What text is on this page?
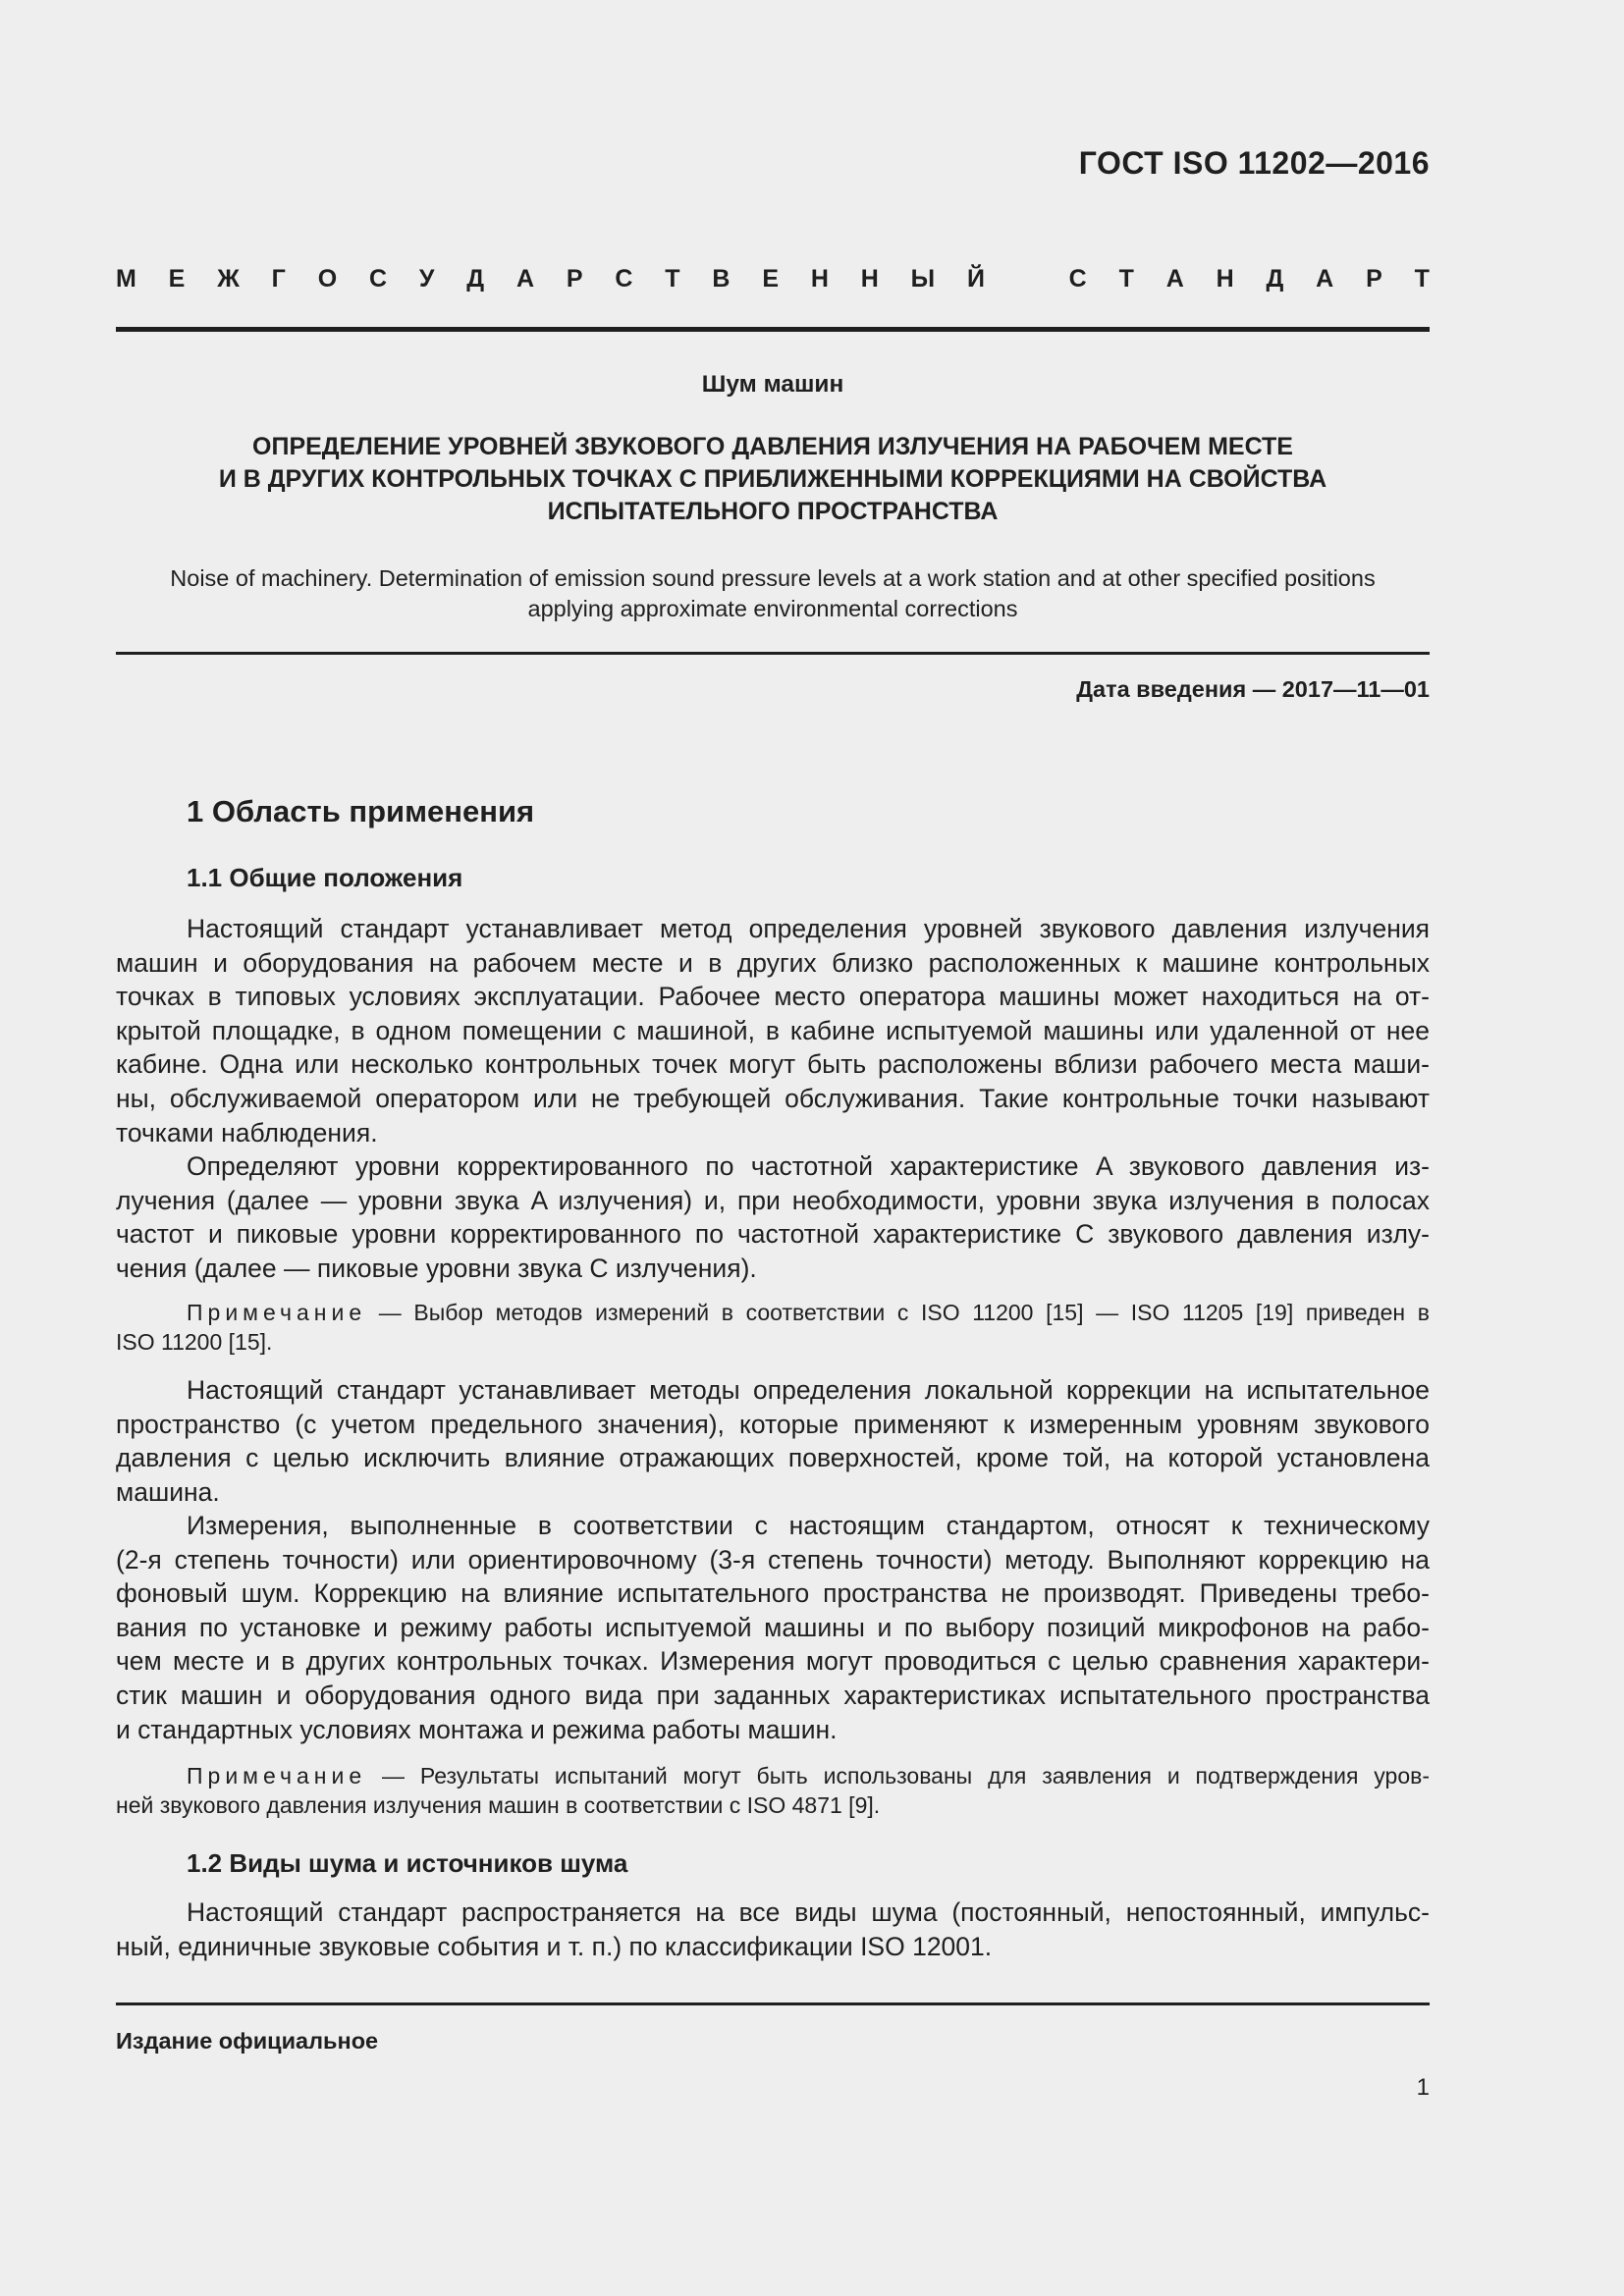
ГОСТ ISO 11202—2016
М Е Ж Г О С У Д А Р С Т В Е Н Н Ы Й	С Т А Н Д А Р Т
Шум машин
ОПРЕДЕЛЕНИЕ УРОВНЕЙ ЗВУКОВОГО ДАВЛЕНИЯ ИЗЛУЧЕНИЯ НА РАБОЧЕМ МЕСТЕ
И В ДРУГИХ КОНТРОЛЬНЫХ ТОЧКАХ С ПРИБЛИЖЕННЫМИ КОРРЕКЦИЯМИ НА СВОЙСТВА
ИСПЫТАТЕЛЬНОГО ПРОСТРАНСТВА
Noise of machinery. Determination of emission sound pressure levels at a work station and at other specified positions
applying approximate environmental corrections
Дата введения — 2017—11—01
1 Область применения
1.1 Общие положения
Настоящий стандарт устанавливает метод определения уровней звукового давления излучения
машин и оборудования на рабочем месте и в других близко расположенных к машине контрольных
точках в типовых условиях эксплуатации. Рабочее место оператора машины может находиться на от-
крытой площадке, в одном помещении с машиной, в кабине испытуемой машины или удаленной от нее
кабине. Одна или несколько контрольных точек могут быть расположены вблизи рабочего места маши-
ны, обслуживаемой оператором или не требующей обслуживания. Такие контрольные точки называют
точками наблюдения.
Определяют уровни корректированного по частотной характеристике A звукового давления из-
лучения (далее — уровни звука A излучения) и, при необходимости, уровни звука излучения в полосах
частот и пиковые уровни корректированного по частотной характеристике C звукового давления излу-
чения (далее — пиковые уровни звука C излучения).
Примечание — Выбор методов измерений в соответствии с ISO 11200 [15] — ISO 11205 [19] приведен в
ISO 11200 [15].
Настоящий стандарт устанавливает методы определения локальной коррекции на испытательное
пространство (с учетом предельного значения), которые применяют к измеренным уровням звукового
давления с целью исключить влияние отражающих поверхностей, кроме той, на которой установлена
машина.
Измерения, выполненные в соответствии с настоящим стандартом, относят к техническому
(2-я степень точности) или ориентировочному (3-я степень точности) методу. Выполняют коррекцию на
фоновый шум. Коррекцию на влияние испытательного пространства не производят. Приведены требо-
вания по установке и режиму работы испытуемой машины и по выбору позиций микрофонов на рабо-
чем месте и в других контрольных точках. Измерения могут проводиться с целью сравнения характери-
стик машин и оборудования одного вида при заданных характеристиках испытательного пространства
и стандартных условиях монтажа и режима работы машин.
Примечание — Результаты испытаний могут быть использованы для заявления и подтверждения уров-
ней звукового давления излучения машин в соответствии с ISO 4871 [9].
1.2 Виды шума и источников шума
Настоящий стандарт распространяется на все виды шума (постоянный, непостоянный, импульс-
ный, единичные звуковые события и т. п.) по классификации ISO 12001.
Издание официальное
1
